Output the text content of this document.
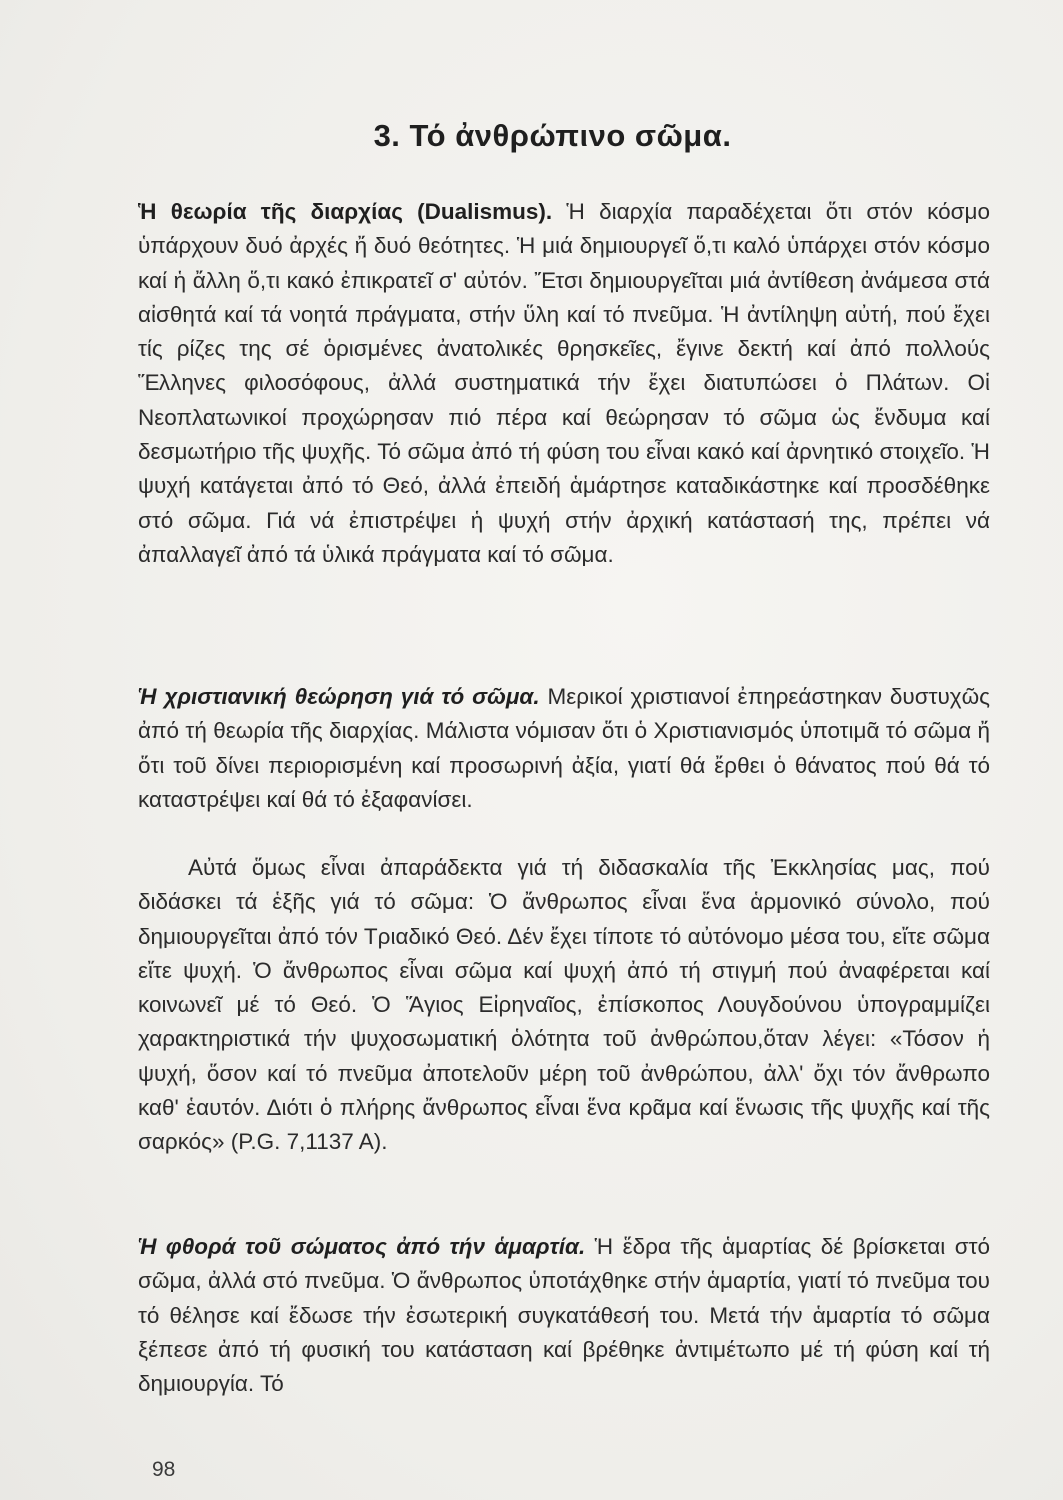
3. Τό ἀνθρώπινο σῶμα.

Ἡ θεωρία τῆς διαρχίας (Dualismus). Ἡ διαρχία παραδέχεται ὅτι στόν κόσμο ὑπάρχουν δυό ἀρχές ἤ δυό θεότητες. Ἡ μιά δημιουργεῖ ὅ,τι καλό ὑπάρχει στόν κόσμο καί ἡ ἄλλη ὅ,τι κακό ἐπικρατεῖ σ' αὐτόν. Ἔτσι δημιουργεῖται μιά ἀντίθεση ἀνάμεσα στά αἰσθητά καί τά νοητά πράγματα, στήν ὕλη καί τό πνεῦμα. Ἡ ἀντίληψη αὐτή, πού ἔχει τίς ρίζες της σέ ὁρισμένες ἀνατολικές θρησκεῖες, ἔγινε δεκτή καί ἀπό πολλούς Ἕλληνες φιλοσόφους, ἀλλά συστηματικά τήν ἔχει διατυπώσει ὁ Πλάτων. Οἱ Νεοπλατωνικοί προχώρησαν πιό πέρα καί θεώρησαν τό σῶμα ὡς ἔνδυμα καί δεσμωτήριο τῆς ψυχῆς. Τό σῶμα ἀπό τή φύση του εἶναι κακό καί ἀρνητικό στοιχεῖο. Ἡ ψυχή κατάγεται ἀπό τό Θεό, ἀλλά ἐπειδή ἁμάρτησε καταδικάστηκε καί προσδέθηκε στό σῶμα. Γιά νά ἐπιστρέψει ἡ ψυχή στήν ἀρχική κατάστασή της, πρέπει νά ἀπαλλαγεῖ ἀπό τά ὑλικά πράγματα καί τό σῶμα.

Ἡ χριστιανική θεώρηση γιά τό σῶμα. Μερικοί χριστιανοί ἐπηρεάστηκαν δυστυχῶς ἀπό τή θεωρία τῆς διαρχίας. Μάλιστα νόμισαν ὅτι ὁ Χριστιανισμός ὑποτιμᾶ τό σῶμα ἤ ὅτι τοῦ δίνει περιορισμένη καί προσωρινή ἀξία, γιατί θά ἔρθει ὁ θάνατος πού θά τό καταστρέψει καί θά τό ἐξαφανίσει.

Αὐτά ὅμως εἶναι ἀπαράδεκτα γιά τή διδασκαλία τῆς Ἐκκλησίας μας, πού διδάσκει τά ἑξῆς γιά τό σῶμα: Ὁ ἄνθρωπος εἶναι ἕνα ἁρμονικό σύνολο, πού δημιουργεῖται ἀπό τόν Τριαδικό Θεό. Δέν ἔχει τίποτε τό αὐτόνομο μέσα του, εἴτε σῶμα εἴτε ψυχή. Ὁ ἄνθρωπος εἶναι σῶμα καί ψυχή ἀπό τή στιγμή πού ἀναφέρεται καί κοινωνεῖ μέ τό Θεό. Ὁ Ἅγιος Εἰρηναῖος, ἐπίσκοπος Λουγδούνου ὑπογραμμίζει χαρακτηριστικά τήν ψυχοσωματική ὁλότητα τοῦ ἀνθρώπου,ὅταν λέγει: «Τόσον ἡ ψυχή, ὅσον καί τό πνεῦμα ἀποτελοῦν μέρη τοῦ ἀνθρώπου, ἀλλ' ὄχι τόν ἄνθρωπο καθ' ἑαυτόν. Διότι ὁ πλήρης ἄνθρωπος εἶναι ἕνα κρᾶμα καί ἕνωσις τῆς ψυχῆς καί τῆς σαρκός» (P.G. 7,1137 A).

Ἡ φθορά τοῦ σώματος ἀπό τήν ἁμαρτία. Ἡ ἕδρα τῆς ἁμαρτίας δέ βρίσκεται στό σῶμα, ἀλλά στό πνεῦμα. Ὁ ἄνθρωπος ὑποτάχθηκε στήν ἁμαρτία, γιατί τό πνεῦμα του τό θέλησε καί ἔδωσε τήν ἐσωτερική συγκατάθεσή του. Μετά τήν ἁμαρτία τό σῶμα ξέπεσε ἀπό τή φυσική του κατάσταση καί βρέθηκε ἀντιμέτωπο μέ τή φύση καί τή δημιουργία. Τό

98
